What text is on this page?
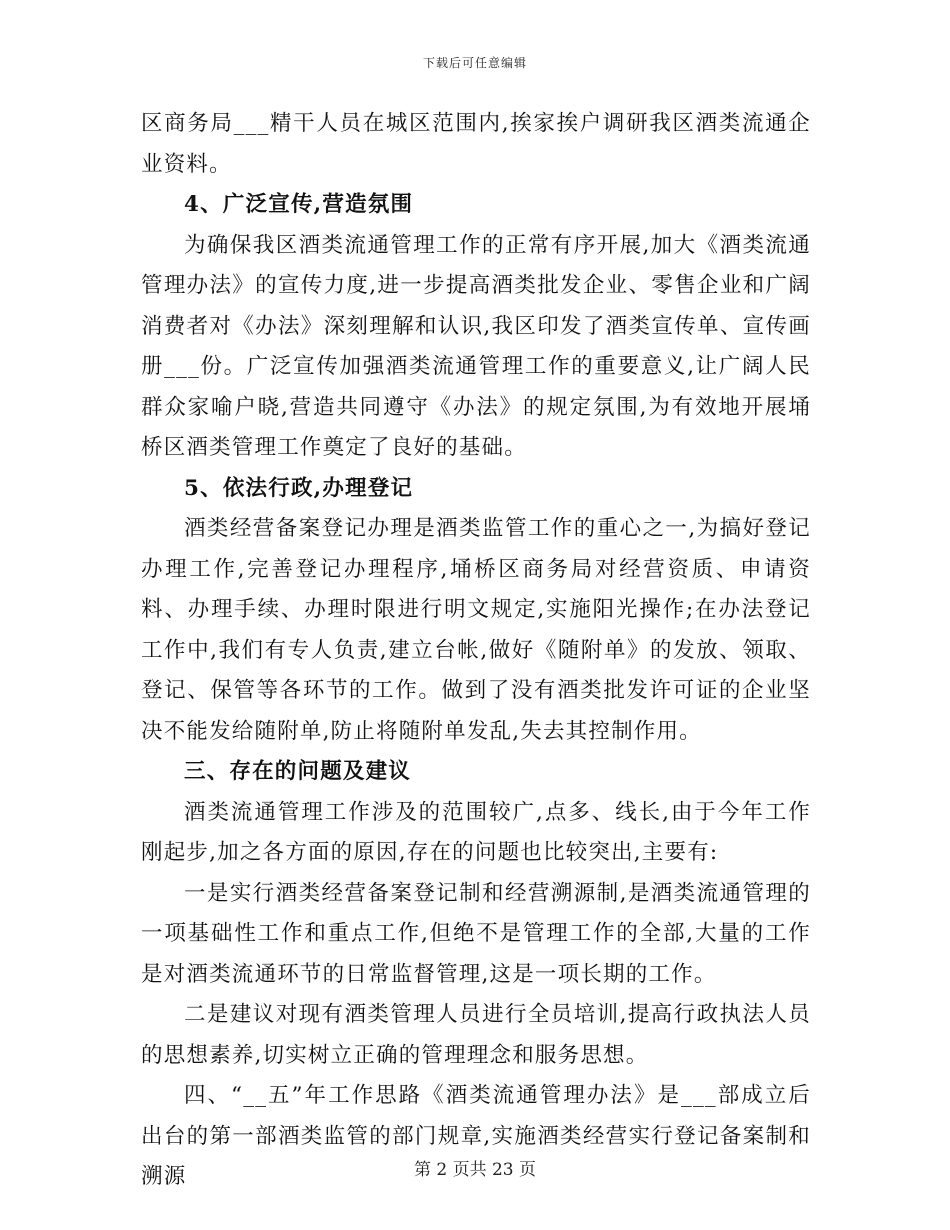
下载后可任意编辑

区商务局___精干人员在城区范围内,挨家挨户调研我区酒类流通企业资料。

4、广泛宣传,营造氛围

为确保我区酒类流通管理工作的正常有序开展,加大《酒类流通管理办法》的宣传力度,进一步提高酒类批发企业、零售企业和广阔消费者对《办法》深刻理解和认识,我区印发了酒类宣传单、宣传画册___份。广泛宣传加强酒类流通管理工作的重要意义,让广阔人民群众家喻户晓,营造共同遵守《办法》的规定氛围,为有效地开展埇桥区酒类管理工作奠定了良好的基础。

5、依法行政,办理登记

酒类经营备案登记办理是酒类监管工作的重心之一,为搞好登记办理工作,完善登记办理程序,埇桥区商务局对经营资质、申请资料、办理手续、办理时限进行明文规定,实施阳光操作;在办法登记工作中,我们有专人负责,建立台帐,做好《随附单》的发放、领取、登记、保管等各环节的工作。做到了没有酒类批发许可证的企业坚决不能发给随附单,防止将随附单发乱,失去其控制作用。

三、存在的问题及建议

酒类流通管理工作涉及的范围较广,点多、线长,由于今年工作刚起步,加之各方面的原因,存在的问题也比较突出,主要有:

一是实行酒类经营备案登记制和经营溯源制,是酒类流通管理的一项基础性工作和重点工作,但绝不是管理工作的全部,大量的工作是对酒类流通环节的日常监督管理,这是一项长期的工作。

二是建议对现有酒类管理人员进行全员培训,提高行政执法人员的思想素养,切实树立正确的管理理念和服务思想。

四、“__五”年工作思路《酒类流通管理办法》是___部成立后出台的第一部酒类监管的部门规章,实施酒类经营实行登记备案制和溯源	第 2 页共 23 页
